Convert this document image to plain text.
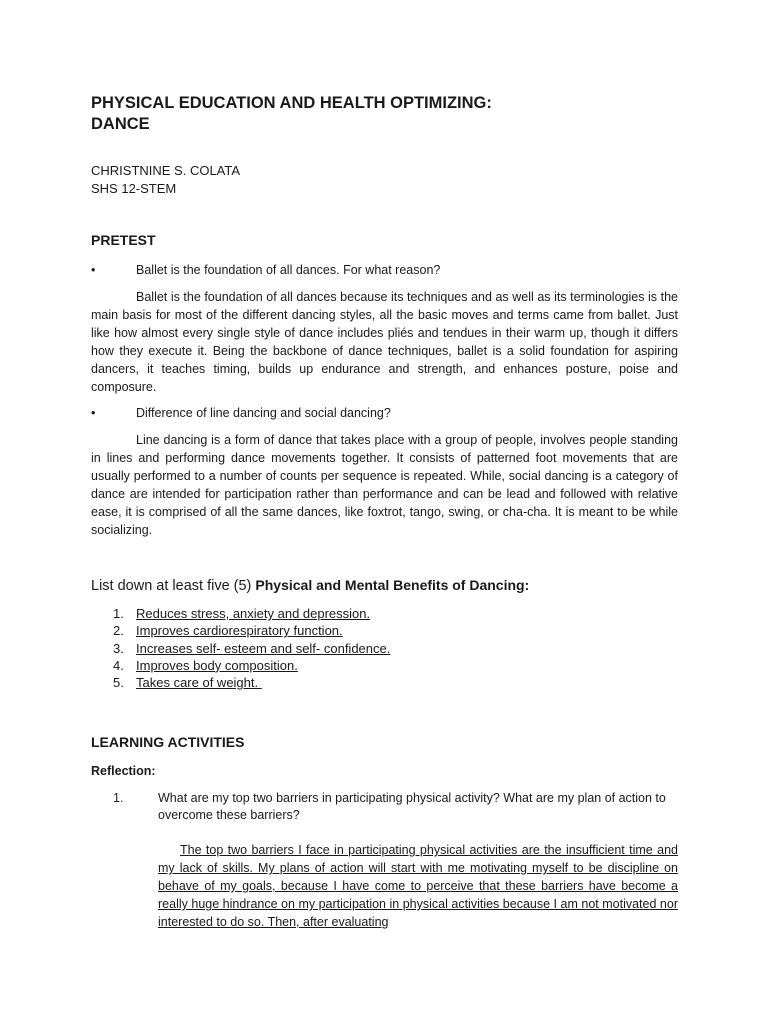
PHYSICAL EDUCATION AND HEALTH OPTIMIZING:
DANCE
CHRISTNINE S. COLATA
SHS 12-STEM
PRETEST
•	Ballet is the foundation of all dances. For what reason?

Ballet is the foundation of all dances because its techniques and as well as its terminologies is the main basis for most of the different dancing styles, all the basic moves and terms came from ballet. Just like how almost every single style of dance includes pliés and tendues in their warm up, though it differs how they execute it. Being the backbone of dance techniques, ballet is a solid foundation for aspiring dancers, it teaches timing, builds up endurance and strength, and enhances posture, poise and composure.

•	Difference of line dancing and social dancing?

Line dancing is a form of dance that takes place with a group of people, involves people standing in lines and performing dance movements together. It consists of patterned foot movements that are usually performed to a number of counts per sequence is repeated. While, social dancing is a category of dance are intended for participation rather than performance and can be lead and followed with relative ease, it is comprised of all the same dances, like foxtrot, tango, swing, or cha-cha. It is meant to be while socializing.

List down at least five (5) Physical and Mental Benefits of Dancing:
1. Reduces stress, anxiety and depression.
2. Improves cardiorespiratory function.
3. Increases self- esteem and self- confidence.
4. Improves body composition.
5. Takes care of weight.
LEARNING ACTIVITIES
Reflection:
1.	What are my top two barriers in participating physical activity? What are my plan of action to overcome these barriers?

The top two barriers I face in participating physical activities are the insufficient time and my lack of skills. My plans of action will start with me motivating myself to be discipline on behave of my goals, because I have come to perceive that these barriers have become a really huge hindrance on my participation in physical activities because I am not motivated nor interested to do so. Then, after evaluating
